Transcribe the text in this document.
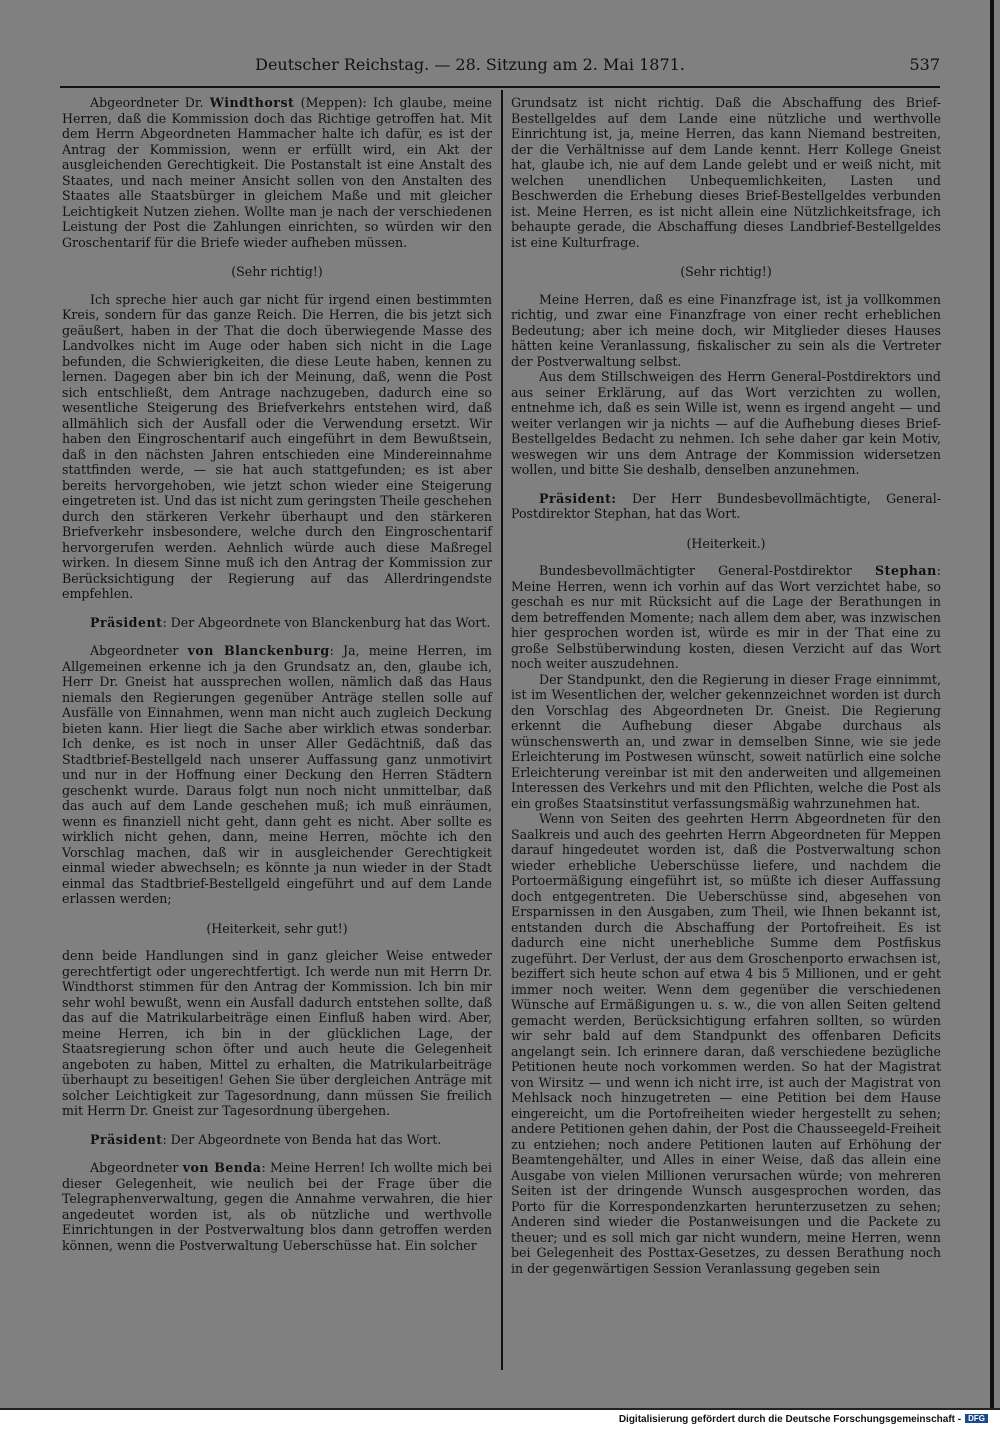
Deutscher Reichstag. — 28. Sitzung am 2. Mai 1871.	537

Abgeordneter Dr. Windthorst (Meppen): Ich glaube, meine Herren, daß die Kommission doch das Richtige getroffen hat. Mit dem Herrn Abgeordneten Hammacher halte ich dafür, es ist der Antrag der Kommission, wenn er erfüllt wird, ein Akt der ausgleichenden Gerechtigkeit. Die Postanstalt ist eine Anstalt des Staates, und nach meiner Ansicht sollen von den Anstalten des Staates alle Staatsbürger in gleichem Maße und mit gleicher Leichtigkeit Nutzen ziehen. Wollte man je nach der verschiedenen Leistung der Post die Zahlungen einrichten, so würden wir den Groschentarif für die Briefe wieder aufheben müssen.

(Sehr richtig!)

Ich spreche hier auch gar nicht für irgend einen bestimmten Kreis, sondern für das ganze Reich. Die Herren, die bis jetzt sich geäußert, haben in der That die doch überwiegende Masse des Landvolkes nicht im Auge oder haben sich nicht in die Lage befunden, die Schwierigkeiten, die diese Leute haben, kennen zu lernen. Dagegen aber bin ich der Meinung, daß, wenn die Post sich entschließt, dem Antrage nachzugeben, dadurch eine so wesentliche Steigerung des Briefverkehrs entstehen wird, daß allmählich sich der Ausfall oder die Verwendung ersetzt. Wir haben den Eingroschentarif auch eingeführt in dem Bewußtsein, daß in den nächsten Jahren entschieden eine Mindereinnahme stattfinden werde, — sie hat auch stattgefunden; es ist aber bereits hervorgehoben, wie jetzt schon wieder eine Steigerung eingetreten ist. Und das ist nicht zum geringsten Theile geschehen durch den stärkeren Verkehr überhaupt und den stärkeren Briefverkehr insbesondere, welche durch den Eingroschentarif hervorgerufen werden. Aehnlich würde auch diese Maßregel wirken. In diesem Sinne muß ich den Antrag der Kommission zur Berücksichtigung der Regierung auf das Allerdringendste empfehlen.

Präsident: Der Abgeordnete von Blanckenburg hat das Wort.

Abgeordneter von Blanckenburg: Ja, meine Herren, im Allgemeinen erkenne ich ja den Grundsatz an, den, glaube ich, Herr Dr. Gneist hat aussprechen wollen, nämlich daß das Haus niemals den Regierungen gegenüber Anträge stellen solle auf Ausfälle von Einnahmen, wenn man nicht auch zugleich Deckung bieten kann. Hier liegt die Sache aber wirklich etwas sonderbar. Ich denke, es ist noch in unser Aller Gedächtniß, daß das Stadtbrief-Bestellgeld nach unserer Auffassung ganz unmotivirt und nur in der Hoffnung einer Deckung den Herren Städtern geschenkt wurde. Daraus folgt nun noch nicht unmittelbar, daß das auch auf dem Lande geschehen muß; ich muß einräumen, wenn es finanziell nicht geht, dann geht es nicht. Aber sollte es wirklich nicht gehen, dann, meine Herren, möchte ich den Vorschlag machen, daß wir in ausgleichender Gerechtigkeit einmal wieder abwechseln; es könnte ja nun wieder in der Stadt einmal das Stadtbrief-Bestellgeld eingeführt und auf dem Lande erlassen werden;

(Heiterkeit, sehr gut!)

denn beide Handlungen sind in ganz gleicher Weise entweder gerechtfertigt oder ungerechtfertigt. Ich werde nun mit Herrn Dr. Windthorst stimmen für den Antrag der Kommission. Ich bin mir sehr wohl bewußt, wenn ein Ausfall dadurch entstehen sollte, daß das auf die Matrikularbeiträge einen Einfluß haben wird. Aber, meine Herren, ich bin in der glücklichen Lage, der Staatsregierung schon öfter und auch heute die Gelegenheit angeboten zu haben, Mittel zu erhalten, die Matrikularbeiträge überhaupt zu beseitigen! Gehen Sie über dergleichen Anträge mit solcher Leichtigkeit zur Tagesordnung, dann müssen Sie freilich mit Herrn Dr. Gneist zur Tagesordnung übergehen.

Präsident: Der Abgeordnete von Benda hat das Wort.

Abgeordneter von Benda: Meine Herren! Ich wollte mich bei dieser Gelegenheit, wie neulich bei der Frage über die Telegraphenverwaltung, gegen die Annahme verwahren, die hier angedeutet worden ist, als ob nützliche und werthvolle Einrichtungen in der Postverwaltung blos dann getroffen werden können, wenn die Postverwaltung Ueberschüsse hat. Ein solcher

Grundsatz ist nicht richtig. Daß die Abschaffung des Brief-Bestellgeldes auf dem Lande eine nützliche und werthvolle Einrichtung ist, ja, meine Herren, das kann Niemand bestreiten, der die Verhältnisse auf dem Lande kennt. Herr Kollege Gneist hat, glaube ich, nie auf dem Lande gelebt und er weiß nicht, mit welchen unendlichen Unbequemlichkeiten, Lasten und Beschwerden die Erhebung dieses Brief-Bestellgeldes verbunden ist. Meine Herren, es ist nicht allein eine Nützlichkeitsfrage, ich behaupte gerade, die Abschaffung dieses Landbrief-Bestellgeldes ist eine Kulturfrage.

(Sehr richtig!)

Meine Herren, daß es eine Finanzfrage ist, ist ja vollkommen richtig, und zwar eine Finanzfrage von einer recht erheblichen Bedeutung; aber ich meine doch, wir Mitglieder dieses Hauses hätten keine Veranlassung, fiskalischer zu sein als die Vertreter der Postverwaltung selbst.

Aus dem Stillschweigen des Herrn General-Postdirektors und aus seiner Erklärung, auf das Wort verzichten zu wollen, entnehme ich, daß es sein Wille ist, wenn es irgend angeht — und weiter verlangen wir ja nichts — auf die Aufhebung dieses Brief-Bestellgeldes Bedacht zu nehmen. Ich sehe daher gar kein Motiv, weswegen wir uns dem Antrage der Kommission widersetzen wollen, und bitte Sie deshalb, denselben anzunehmen.

Präsident: Der Herr Bundesbevollmächtigte, General-Postdirektor Stephan, hat das Wort.

(Heiterkeit.)

Bundesbevollmächtigter General-Postdirektor Stephan: Meine Herren, wenn ich vorhin auf das Wort verzichtet habe, so geschah es nur mit Rücksicht auf die Lage der Berathungen in dem betreffenden Momente; nach allem dem aber, was inzwischen hier gesprochen worden ist, würde es mir in der That eine zu große Selbstüberwindung kosten, diesen Verzicht auf das Wort noch weiter auszudehnen.

Der Standpunkt, den die Regierung in dieser Frage einnimmt, ist im Wesentlichen der, welcher gekennzeichnet worden ist durch den Vorschlag des Abgeordneten Dr. Gneist. Die Regierung erkennt die Aufhebung dieser Abgabe durchaus als wünschenswerth an, und zwar in demselben Sinne, wie sie jede Erleichterung im Postwesen wünscht, soweit natürlich eine solche Erleichterung vereinbar ist mit den anderweiten und allgemeinen Interessen des Verkehrs und mit den Pflichten, welche die Post als ein großes Staatsinstitut verfassungsmäßig wahrzunehmen hat.

Wenn von Seiten des geehrten Herrn Abgeordneten für den Saalkreis und auch des geehrten Herrn Abgeordneten für Meppen darauf hingedeutet worden ist, daß die Postverwaltung schon wieder erhebliche Ueberschüsse liefere, und nachdem die Portoermäßigung eingeführt ist, so müßte ich dieser Auffassung doch entgegentreten. Die Ueberschüsse sind, abgesehen von Ersparnissen in den Ausgaben, zum Theil, wie Ihnen bekannt ist, entstanden durch die Abschaffung der Portofreiheit. Es ist dadurch eine nicht unerhebliche Summe dem Postfiskus zugeführt. Der Verlust, der aus dem Groschenporto erwachsen ist, beziffert sich heute schon auf etwa 4 bis 5 Millionen, und er geht immer noch weiter. Wenn dem gegenüber die verschiedenen Wünsche auf Ermäßigungen u. s. w., die von allen Seiten geltend gemacht werden, Berücksichtigung erfahren sollten, so würden wir sehr bald auf dem Standpunkt des offenbaren Deficits angelangt sein. Ich erinnere daran, daß verschiedene bezügliche Petitionen heute noch vorkommen werden. So hat der Magistrat von Wirsitz — und wenn ich nicht irre, ist auch der Magistrat von Mehlsack noch hinzugetreten — eine Petition bei dem Hause eingereicht, um die Portofreiheiten wieder hergestellt zu sehen; andere Petitionen gehen dahin, der Post die Chausseegeld-Freiheit zu entziehen; noch andere Petitionen lauten auf Erhöhung der Beamtengehälter, und Alles in einer Weise, daß das allein eine Ausgabe von vielen Millionen verursachen würde; von mehreren Seiten ist der dringende Wunsch ausgesprochen worden, das Porto für die Korrespondenzkarten herunterzusetzen zu sehen; Anderen sind wieder die Postanweisungen und die Packete zu theuer; und es soll mich gar nicht wundern, meine Herren, wenn bei Gelegenheit des Posttax-Gesetzes, zu dessen Berathung noch in der gegenwärtigen Session Veranlassung gegeben sein

Digitalisierung gefördert durch die Deutsche Forschungsgemeinschaft - DFG
